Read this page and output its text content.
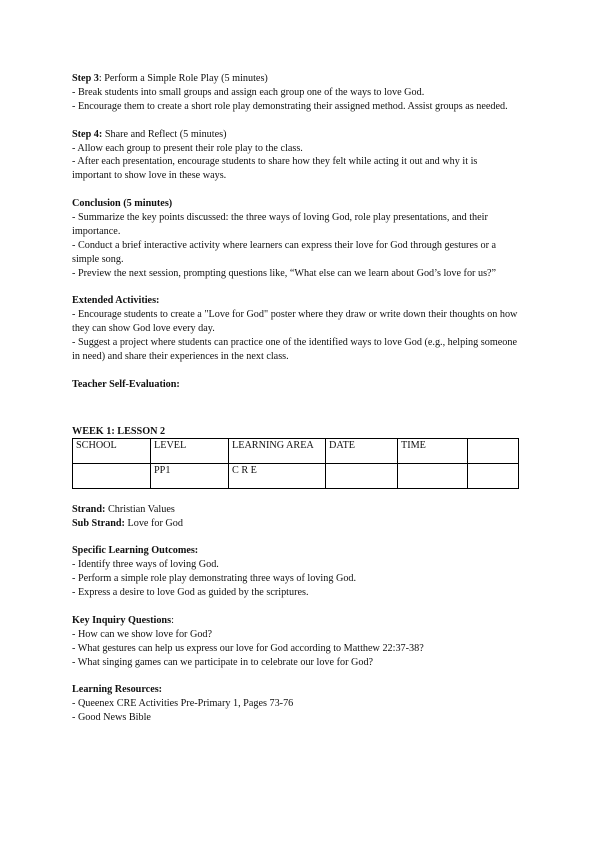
Step 3: Perform a Simple Role Play (5 minutes)
- Break students into small groups and assign each group one of the ways to love God.
- Encourage them to create a short role play demonstrating their assigned method. Assist groups as needed.
Step 4: Share and Reflect (5 minutes)
- Allow each group to present their role play to the class.
- After each presentation, encourage students to share how they felt while acting it out and why it is important to show love in these ways.
Conclusion (5 minutes)
- Summarize the key points discussed: the three ways of loving God, role play presentations, and their importance.
- Conduct a brief interactive activity where learners can express their love for God through gestures or a simple song.
- Preview the next session, prompting questions like, “What else can we learn about God’s love for us?”
Extended Activities:
- Encourage students to create a "Love for God" poster where they draw or write down their thoughts on how they can show God love every day.
- Suggest a project where students can practice one of the identified ways to love God (e.g., helping someone in need) and share their experiences in the next class.
Teacher Self-Evaluation:
WEEK 1: LESSON 2
SCHOOL	LEVEL	LEARNING AREA	DATE	TIME	
	PP1	C R E			
Strand: Christian Values
Sub Strand: Love for God
Specific Learning Outcomes:
- Identify three ways of loving God.
- Perform a simple role play demonstrating three ways of loving God.
- Express a desire to love God as guided by the scriptures.
Key Inquiry Questions:
- How can we show love for God?
- What gestures can help us express our love for God according to Matthew 22:37-38?
- What singing games can we participate in to celebrate our love for God?
Learning Resources:
- Queenex CRE Activities Pre-Primary 1, Pages 73-76
- Good News Bible
